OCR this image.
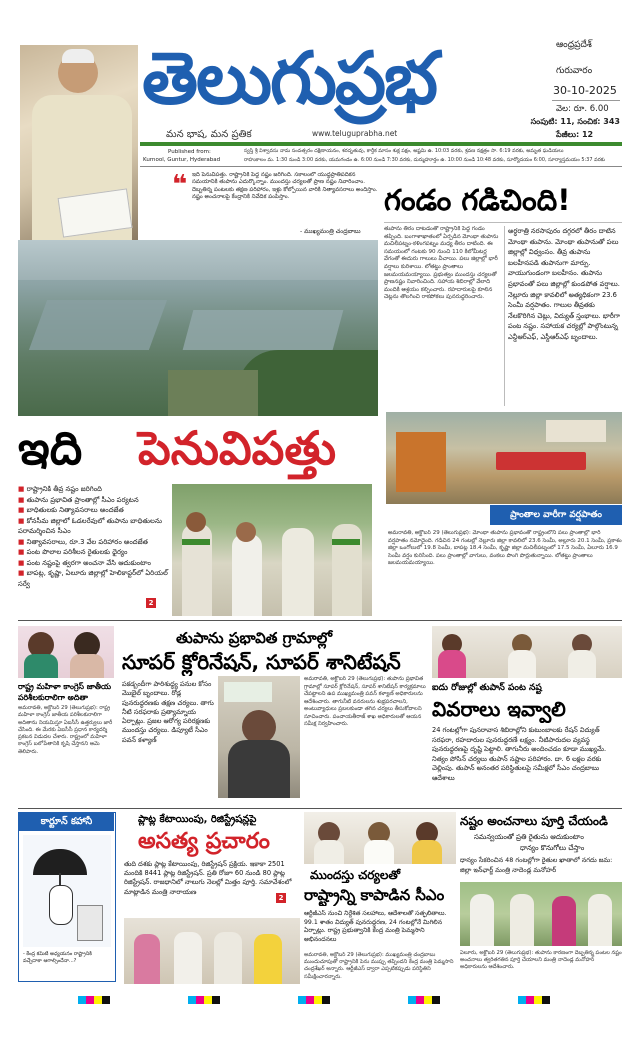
తెలుగుప్రభ
మన భాష, మన ప్రతిక	www.teluguprabha.net
ఆంధ్రప్రదేశ్
గురువారం
30-10-2025
వెల: రూ. 6.00
సంపుటి: 11, సంచిక: 343
పేజీలు: 12
Published from:
Kurnool, Guntur, Hyderabad
స్వస్తి శ్రీ విశ్వావసు నామ సంవత్సరం దక్షిణాయనం, శరదృతువు, కార్తీక మాసం శుక్ల పక్షం, అష్టమి ఉ. 10:03 వరకు, శ్రవణ నక్షత్రం సా. 6:19 వరకు, అమృత ఘడియలు
రాహుకాలం మ. 1:30 నుండి 3:00 వరకు, యమగండం ఉ. 6:00 నుండి 7:30 వరకు, దుర్ముహూర్తం ఉ. 10:00 నుండి 10:48 వరకు, సూర్యోదయం 6:00, సూర్యాస్తమయం 5:37 వరకు
❝ ఇది పెనువిపత్తు. రాష్ట్రానికి పెద్ద నష్టం జరిగింది. సకాలంలో యుద్ధప్రాతిపదికన సమయానికి తుపాను ఎదుర్కొన్నాం. ముందస్తు చర్యలతో ప్రాణ నష్టం నివారించాం. దెబ్బతిన్న పంటలకు తక్షణ పరిహారం, ఇళ్లు కోల్పోయిన వారికి నిత్యావసరాలు అందిస్తాం. నష్టం అంచనాలపై కేంద్రానికి నివేదిక పంపిస్తాం.
- ముఖ్యమంత్రి చంద్రబాబు
గండం గడిచింది!
తుపాను తీరం దాటడంతో రాష్ట్రానికి పెద్ద గండం తప్పింది. బంగాళాఖాతంలో ఏర్పడిన మోంథా తుపాను మచిలీపట్నం-కళింగపట్నం మధ్య తీరం దాటింది. ఈ సమయంలో గంటకు 90 నుంచి 110 కిలోమీటర్ల వేగంతో ఈదురు గాలులు వీచాయి. పలు జిల్లాల్లో భారీ వర్షాలు కురిశాయి. లోతట్టు ప్రాంతాలు జలమయమయ్యాయి. ప్రభుత్వం ముందస్తు చర్యలతో ప్రాణనష్టం నివారించింది. సహాయ శిబిరాల్లో వేలాది మందికి ఆశ్రయం కల్పించారు. రహదారులపై కూలిన చెట్లను తొలగించి రాకపోకలు పునరుద్ధరించారు.
అర్ధరాత్రి నరసాపురం దగ్గరలో తీరం దాటిన మోంథా తుపాను. మోంథా తుపానుతో పలు జిల్లాల్లో విధ్వంసం. తీవ్ర తుపాను బలహీనపడి తుపానుగా మార్పు. వాయుగుండంగా బలహీనం. తుపాను ప్రభావంతో పలు జిల్లాల్లో కుండపోత వర్షాలు. నెల్లూరు జిల్లా కావలిలో అత్యధికంగా 23.6 సెంమీ వర్షపాతం. గాలుల తీవ్రతకు నేలకొరిగిన చెట్లు, విద్యుత్ స్తంభాలు. భారీగా పంట నష్టం. సహాయక చర్యల్లో పాల్గొంటున్న ఎన్డీఆర్ఎఫ్, ఎస్డీఆర్ఎఫ్ బృందాలు.
ఇది పెనువిపత్తు
■ రాష్ట్రానికి తీవ్ర నష్టం జరిగింది
■ తుపాను ప్రభావిత ప్రాంతాల్లో సీఎం పర్యటన
■ బాధితులకు నిత్యావసరాలు అందజేత
■ కోనసీమ జిల్లాలో ఓడలరేవులో తుపాను బాధితులను పరామర్శించిన సీఎం
■ నిత్యావసరాలు, రూ.3 వేల పరిహారం అందజేత
■ పంట పొలాల పరిశీలన రైతులకు ధైర్యం
■ పంట నష్టంపై త్వరగా అంచనా వేసి ఆదుకుంటాం
■ బాపట్ల, కృష్ణా, ఏలూరు జిల్లాల్లో హెలికాప్టర్‌లో ఏరియల్ సర్వే
2
ప్రాంతాల వారీగా వర్షపాతం
అమరావతి, అక్టోబర్ 29 (తెలుగుప్రభ): మోంథా తుపాను ప్రభావంతో రాష్ట్రంలోని పలు ప్రాంతాల్లో భారీ వర్షపాతం నమోదైంది. గడిచిన 24 గంటల్లో నెల్లూరు జిల్లా కావలిలో 23.6 సెంమీ, అల్లూరు 20.1 సెంమీ, ప్రకాశం జిల్లా ఒంగోలులో 19.8 సెంమీ, బాపట్ల 18.4 సెంమీ, కృష్ణా జిల్లా మచిలీపట్నంలో 17.5 సెంమీ, ఏలూరు 16.9 సెంమీ వర్షం కురిసింది. పలు ప్రాంతాల్లో వాగులు, వంకలు పొంగి పొర్లుతున్నాయి. లోతట్టు ప్రాంతాలు జలమయమయ్యాయి.
రాష్ట్ర మహిళా కాంగ్రెస్ జాతీయ పరిశీలకురాలిగా అదితా
అమరావతి, అక్టోబర్ 29 (తెలుగుప్రభ): రాష్ట్ర మహిళా కాంగ్రెస్ జాతీయ పరిశీలకురాలిగా అదితాను నియమిస్తూ ఏఐసీసీ ఉత్తర్వులు జారీ చేసింది. ఈ మేరకు ఏఐసీసీ ప్రధాన కార్యదర్శి ప్రకటన విడుదల చేశారు. రాష్ట్రంలో మహిళా కాంగ్రెస్ బలోపేతానికి కృషి చేస్తానని ఆమె తెలిపారు.
తుపాను ప్రభావిత గ్రామాల్లో
సూపర్ క్లోరినేషన్, సూపర్ శానిటేషన్
పకడ్బందీగా పారిశుద్ధ్య పనుల కోసం మొబైల్ బృందాలు. రోడ్ల పునరుద్ధరణకు తక్షణ చర్యలు. తాగు నీటి సరఫరాకు ప్రత్యామ్నాయ ఏర్పాట్లు. ప్రజల ఆరోగ్య పరిరక్షణకు ముందస్తు చర్యలు. డిప్యూటీ సీఎం పవన్ కళ్యాణ్
అమరావతి, అక్టోబర్ 29 (తెలుగుప్రభ): తుపాను ప్రభావిత గ్రామాల్లో సూపర్ క్లోరినేషన్, సూపర్ శానిటేషన్ కార్యక్రమాలు చేపట్టాలని ఉప ముఖ్యమంత్రి పవన్ కళ్యాణ్ అధికారులను ఆదేశించారు. తాగునీటి వనరులను శుభ్రపరచాలని, అంటువ్యాధులు ప్రబలకుండా తగిన చర్యలు తీసుకోవాలని సూచించారు. పంచాయతీరాజ్ శాఖ అధికారులతో ఆయన సమీక్ష నిర్వహించారు.
ఐదు రోజుల్లో తుపాన్ పంట నష్ట
వివరాలు ఇవ్వాలి
24 గంటల్లోగా పునరావాస శిబిరాల్లోని కుటుంబాలకు రేషన్ విద్యుత్ సరఫరా, రహదారుల పునరుద్ధరణే లక్ష్యం. నీటిపారుదల వ్యవస్థ పునరుద్ధరణపై దృష్టి పెట్టాలి. తాగునీరు అందించడం కూడా ముఖ్యమే. నిత్యం పోసిన్ చర్యలు తుపాన్ నష్టాల పరిహారం. దా. 6 లక్షల వరకు చెల్లింపు. తుపాన్ అనంతర పరిస్థితులపై సమీక్షలో సీఎం చంద్రబాబు ఆదేశాలు
కార్టూన్ కహానీ
- కేంద్ర కమిటీ అధ్యయనం రాష్ట్రానికి వచ్చేదాకా ఆగాల్సిందేనా...?
ప్లాట్ల కేటాయింపు, రిజిస్ట్రేషన్లపై
అసత్య ప్రచారం
తుది దశకు ప్లాట్ల కేటాయింపు, రిజిస్ట్రేషన్ ప్రక్రియ. ఇకాకా 2501 మందికి 8441 ప్లాట్ల రిజిస్ట్రేషన్. ప్రతి రోజూ 60 నుండి 80 ప్లాట్ల రిజిస్ట్రేషన్. రాజధానిలో నాలుగు నెలల్లో మిత్తం పూర్తి. సమావేశంలో మాట్లాడిన మంత్రి నారాయణ
2
ముందస్తు చర్యలతో
రాష్ట్రాన్ని కాపాడిన సీఎం
ఆర్టీజీఎస్ నుంచి నిర్దేశిత సలహాలు, ఆదేశాలతో సత్ఫలితాలు. 99.1 శాతం విద్యుత్ పునరుద్ధరణ, 24 గంటల్లోనే మిగిలిన ఏర్పాట్లు. రాష్ట్ర ప్రభుత్వానికి కేంద్ర మంత్రి పెమ్మసాని అభినందనలు
అమరావతి, అక్టోబర్ 29 (తెలుగుప్రభ): ముఖ్యమంత్రి చంద్రబాబు ముందుచూపుతో రాష్ట్రానికి పెను ముప్పు తప్పిందని కేంద్ర మంత్రి పెమ్మసాని చంద్రశేఖర్ అన్నారు. ఆర్టీజీఎస్ ద్వారా ఎప్పటికప్పుడు పరిస్థితిని సమీక్షించారన్నారు.
నష్టం అంచనాలు పూర్తి చేయండి
సమన్వయంతో ప్రతి రైతును ఆదుకుంటాం
ధాన్యం కొనుగోలు చేస్తాం
ధాన్యం సేకరించిన 48 గంటల్లోగా రైతుల ఖాతాలో నగదు జమ: జిల్లా ఇన్‌ఛార్జ్ మంత్రి నాదెండ్ల మనోహర్
ఏలూరు, అక్టోబర్ 29 (తెలుగుప్రభ): తుపాను కారణంగా దెబ్బతిన్న పంటల నష్టం అంచనాలు త్వరితగతిన పూర్తి చేయాలని మంత్రి నాదెండ్ల మనోహర్ అధికారులను ఆదేశించారు.
